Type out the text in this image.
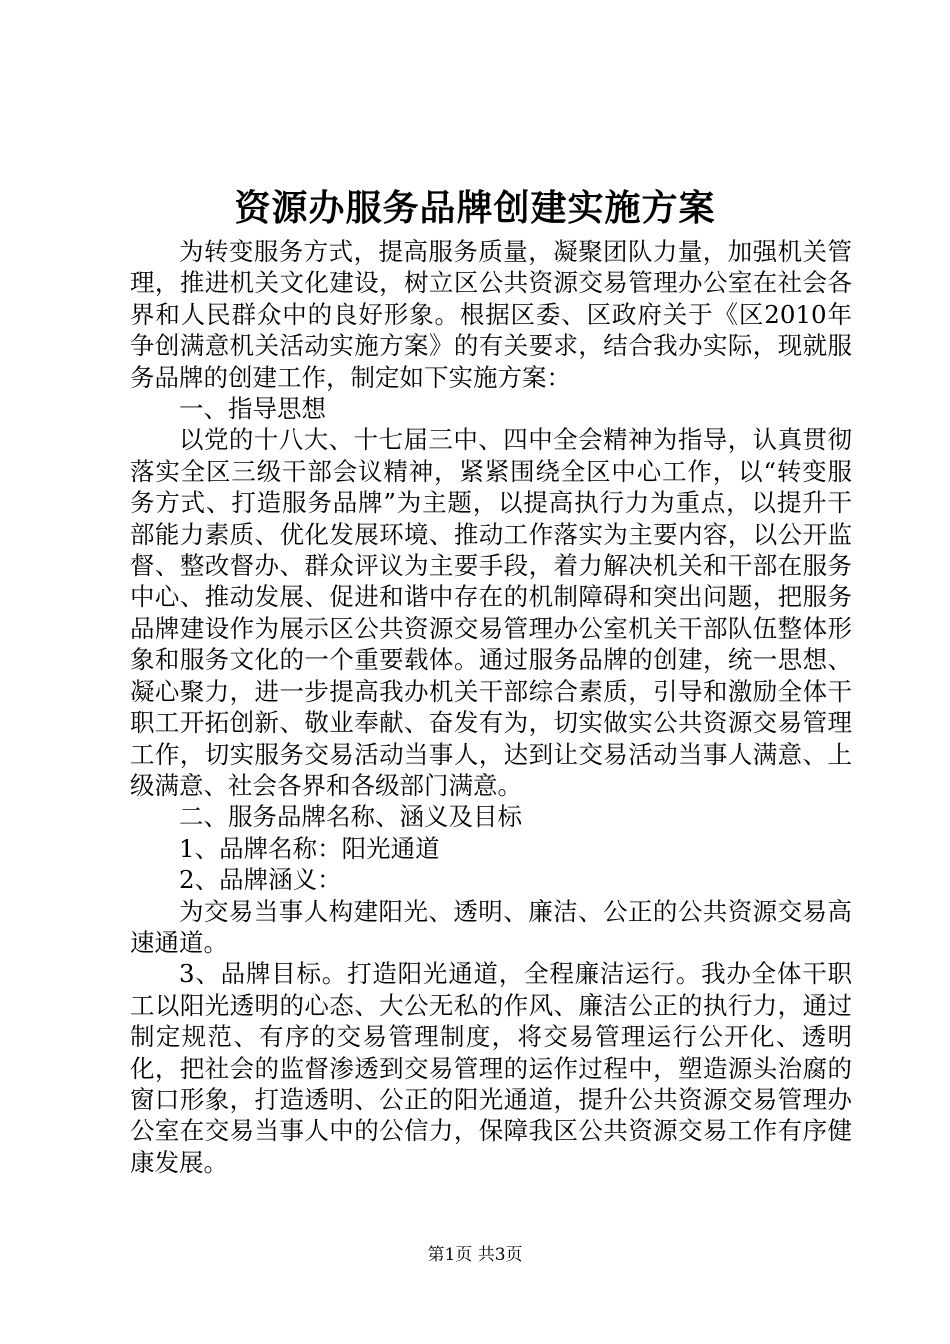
资源办服务品牌创建实施方案

为转变服务方式，提高服务质量，凝聚团队力量，加强机关管理，推进机关文化建设，树立区公共资源交易管理办公室在社会各界和人民群众中的良好形象。根据区委、区政府关于《区2010年争创满意机关活动实施方案》的有关要求，结合我办实际，现就服务品牌的创建工作，制定如下实施方案：

一、指导思想

以党的十八大、十七届三中、四中全会精神为指导，认真贯彻落实全区三级干部会议精神，紧紧围绕全区中心工作，以“转变服务方式、打造服务品牌”为主题，以提高执行力为重点，以提升干部能力素质、优化发展环境、推动工作落实为主要内容，以公开监督、整改督办、群众评议为主要手段，着力解决机关和干部在服务中心、推动发展、促进和谐中存在的机制障碍和突出问题，把服务品牌建设作为展示区公共资源交易管理办公室机关干部队伍整体形象和服务文化的一个重要载体。通过服务品牌的创建，统一思想、凝心聚力，进一步提高我办机关干部综合素质，引导和激励全体干职工开拓创新、敬业奉献、奋发有为，切实做实公共资源交易管理工作，切实服务交易活动当事人，达到让交易活动当事人满意、上级满意、社会各界和各级部门满意。

二、服务品牌名称、涵义及目标

1、品牌名称：阳光通道

2、品牌涵义：

为交易当事人构建阳光、透明、廉洁、公正的公共资源交易高速通道。

3、品牌目标。打造阳光通道，全程廉洁运行。我办全体干职工以阳光透明的心态、大公无私的作风、廉洁公正的执行力，通过制定规范、有序的交易管理制度，将交易管理运行公开化、透明化，把社会的监督渗透到交易管理的运作过程中，塑造源头治腐的窗口形象，打造透明、公正的阳光通道，提升公共资源交易管理办公室在交易当事人中的公信力，保障我区公共资源交易工作有序健康发展。

第1页 共3页
